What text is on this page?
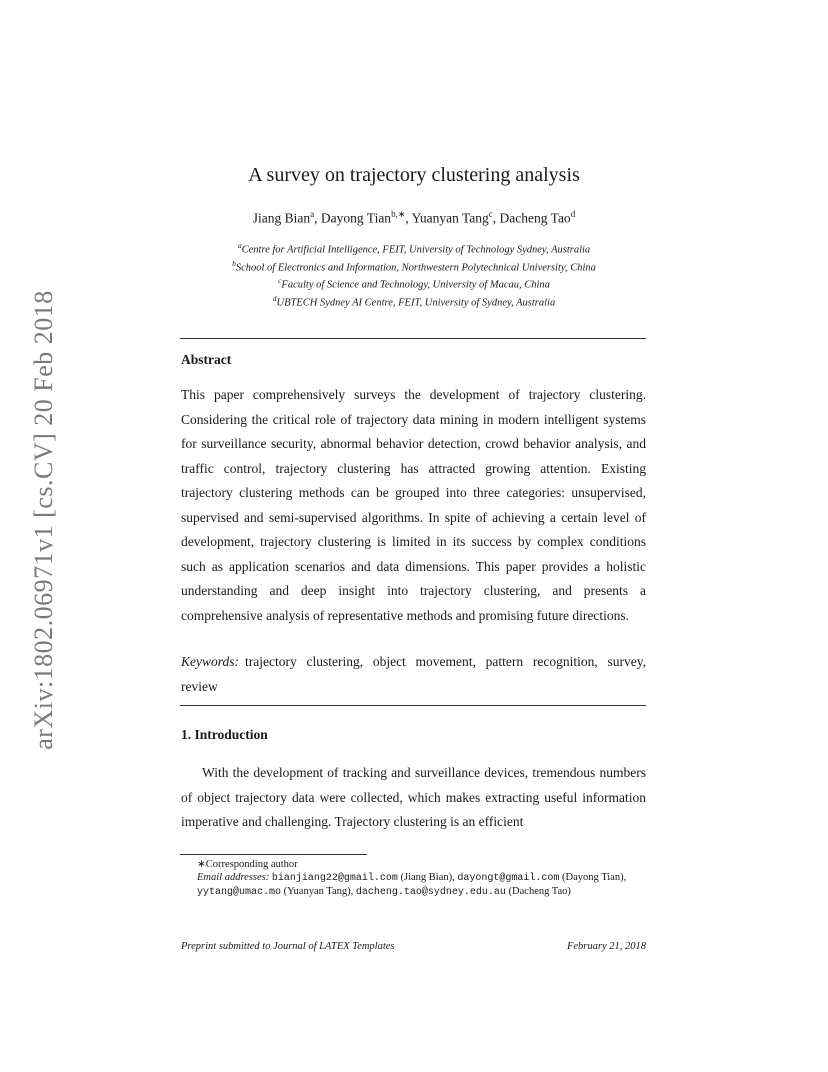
arXiv:1802.06971v1 [cs.CV] 20 Feb 2018
A survey on trajectory clustering analysis
Jiang Bian$^a$, Dayong Tian$^{b,∗}$, Yuanyan Tang$^c$, Dacheng Tao$^d$
$^a$Centre for Artificial Intelligence, FEIT, University of Technology Sydney, Australia
$^b$School of Electronics and Information, Northwestern Polytechnical University, China
$^c$Faculty of Science and Technology, University of Macau, China
$^d$UBTECH Sydney AI Centre, FEIT, University of Sydney, Australia
Abstract
This paper comprehensively surveys the development of trajectory clustering. Considering the critical role of trajectory data mining in modern intelligent systems for surveillance security, abnormal behavior detection, crowd behavior analysis, and traffic control, trajectory clustering has attracted growing attention. Existing trajectory clustering methods can be grouped into three categories: unsupervised, supervised and semi-supervised algorithms. In spite of achieving a certain level of development, trajectory clustering is limited in its success by complex conditions such as application scenarios and data dimensions. This paper provides a holistic understanding and deep insight into trajectory clustering, and presents a comprehensive analysis of representative methods and promising future directions.
Keywords: trajectory clustering, object movement, pattern recognition, survey, review
1. Introduction
With the development of tracking and surveillance devices, tremendous numbers of object trajectory data were collected, which makes extracting useful information imperative and challenging. Trajectory clustering is an efficient
∗Corresponding author
Email addresses: bianjiang22@gmail.com (Jiang Bian), dayongt@gmail.com (Dayong Tian), yytang@umac.mo (Yuanyan Tang), dacheng.tao@sydney.edu.au (Dacheng Tao)
Preprint submitted to Journal of LATEX Templates	February 21, 2018
